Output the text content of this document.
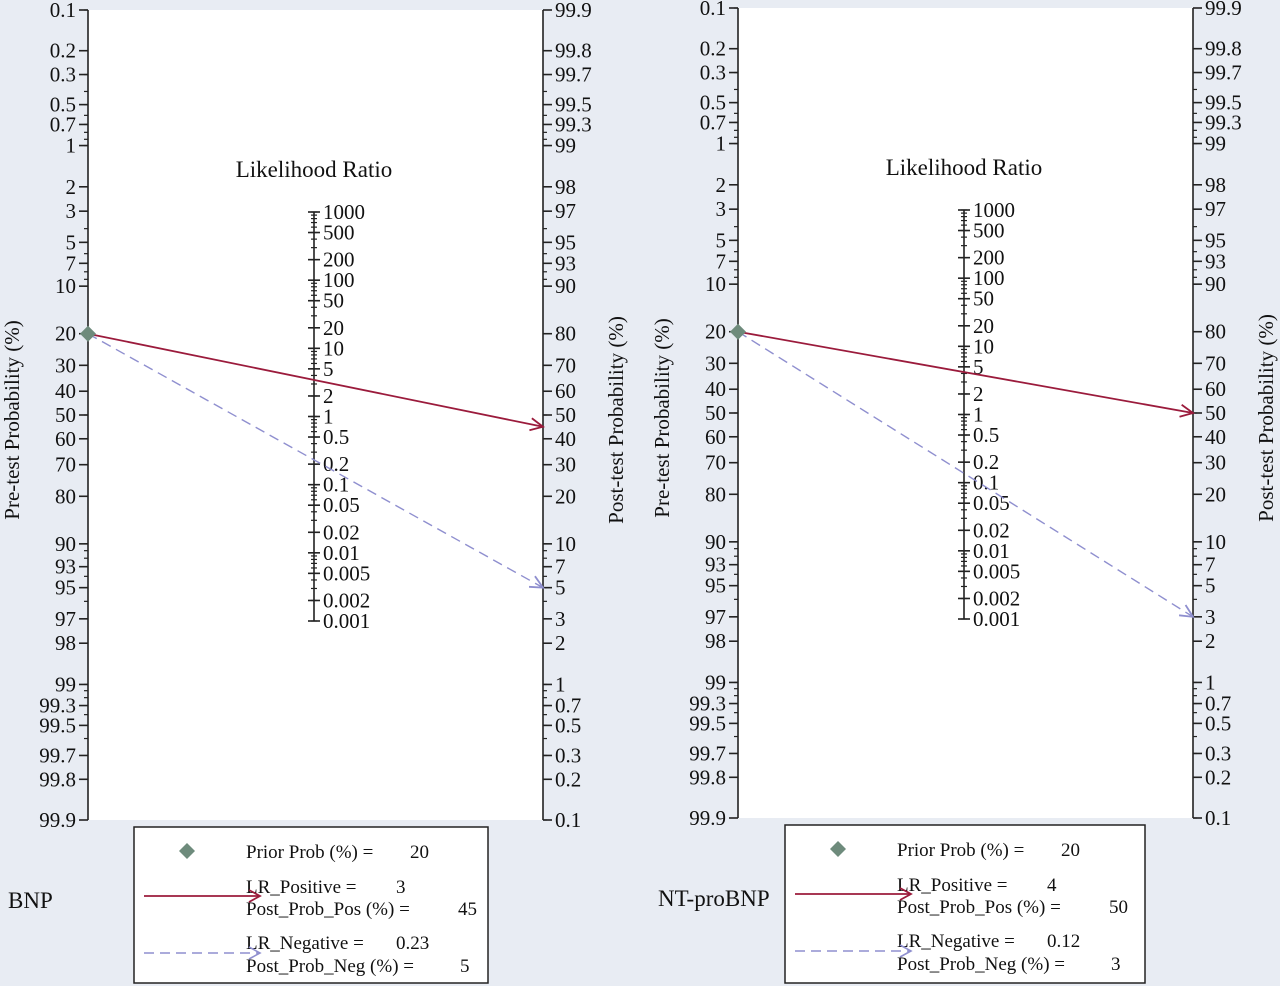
0.1
0.2
0.3
0.5
0.7
1
2
3
5
7
10
20
30
40
50
60
70
80
90
93
95
97
98
99
99.3
99.5
99.7
99.8
99.9
Pre-test Probability (%)
99.9
99.8
99.7
99.5
99.3
99
98
97
95
93
90
80
70
60
50
40
30
20
10
7
5
3
2
1
0.7
0.5
0.3
0.2
0.1
Post-test Probability (%)
Likelihood Ratio
1000
500
200
100
50
20
10
5
2
1
0.5
0.2
0.1
0.05
0.02
0.01
0.005
0.002
0.001
BNP
Prior Prob (%) = 20
LR_Positive = 3
Post_Prob_Pos (%) =	45
LR_Negative = 0.23
Post_Prob_Neg (%) = 5
0.1
0.2
0.3
0.5
0.7
1
2
3
5
7
10
20
30
40
50
60
70
80
90
93
95
97
98
99
99.3
99.5
99.7
99.8
99.9
Pre-test Probability (%)
99.9
99.8
99.7
99.5
99.3
99
98
97
95
93
90
80
70
60
50
40
30
20
10
7
5
3
2
1
0.7
0.5
0.3
0.2
0.1
Post-test Probability (%)
Likelihood Ratio
1000
500
200
100
50
20
10
5
2
1
0.5
0.2
0.1
0.05
0.02
0.01
0.005
0.002
0.001
NT-proBNP
Prior Prob (%) = 20
LR_Positive = 4
Post_Prob_Pos (%) =	50
LR_Negative = 0.12
Post_Prob_Neg (%) = 3
